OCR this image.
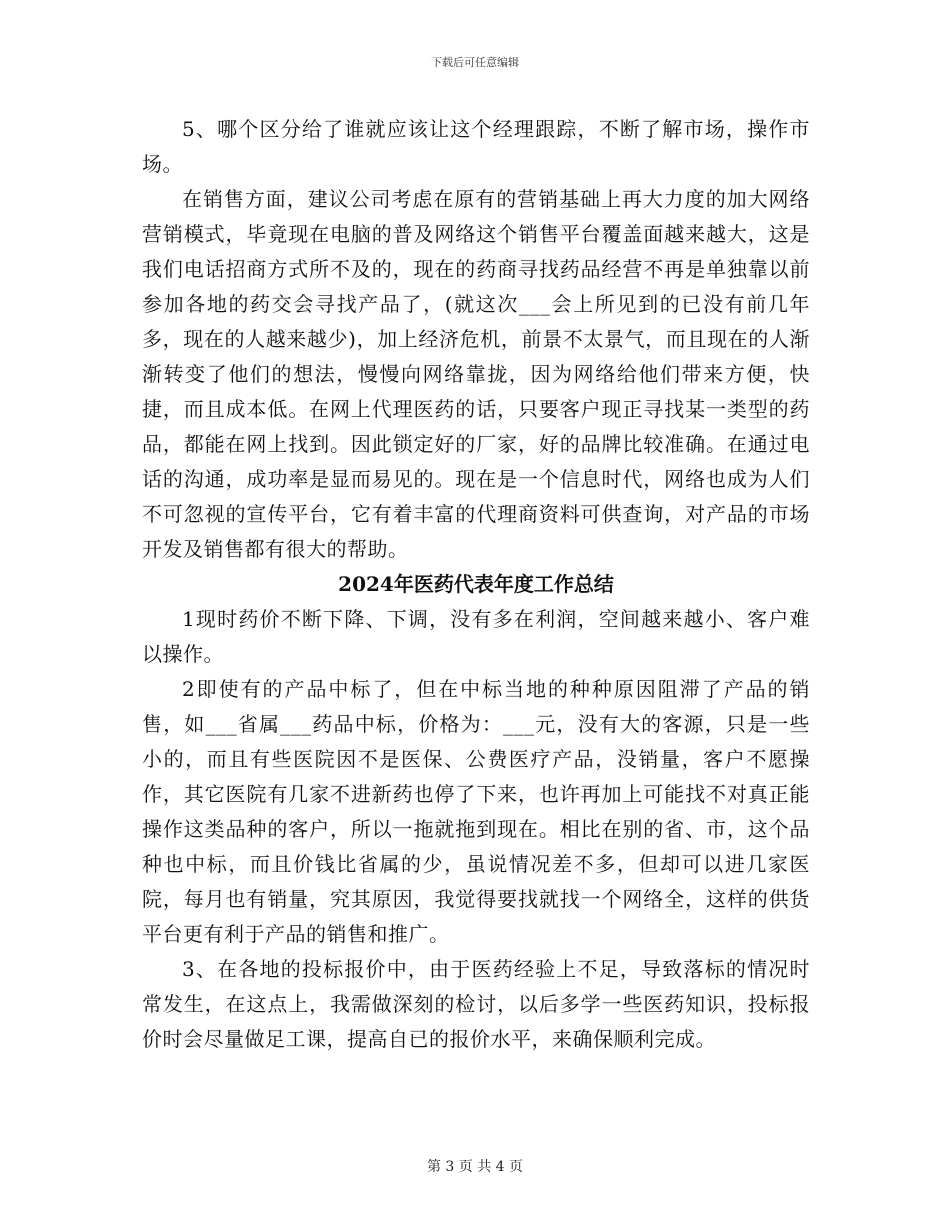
下载后可任意编辑

5、哪个区分给了谁就应该让这个经理跟踪，不断了解市场，操作市场。

在销售方面，建议公司考虑在原有的营销基础上再大力度的加大网络营销模式，毕竟现在电脑的普及网络这个销售平台覆盖面越来越大，这是我们电话招商方式所不及的，现在的药商寻找药品经营不再是单独靠以前参加各地的药交会寻找产品了，(就这次___会上所见到的已没有前几年多，现在的人越来越少)，加上经济危机，前景不太景气，而且现在的人渐渐转变了他们的想法，慢慢向网络靠拢，因为网络给他们带来方便，快捷，而且成本低。在网上代理医药的话，只要客户现正寻找某一类型的药品，都能在网上找到。因此锁定好的厂家，好的品牌比较准确。在通过电话的沟通，成功率是显而易见的。现在是一个信息时代，网络也成为人们不可忽视的宣传平台，它有着丰富的代理商资料可供查询，对产品的市场开发及销售都有很大的帮助。

2024年医药代表年度工作总结

1现时药价不断下降、下调，没有多在利润，空间越来越小、客户难以操作。

2即使有的产品中标了，但在中标当地的种种原因阻滞了产品的销售，如___省属___药品中标，价格为：___元，没有大的客源，只是一些小的，而且有些医院因不是医保、公费医疗产品，没销量，客户不愿操作，其它医院有几家不进新药也停了下来，也许再加上可能找不对真正能操作这类品种的客户，所以一拖就拖到现在。相比在别的省、市，这个品种也中标，而且价钱比省属的少，虽说情况差不多，但却可以进几家医院，每月也有销量，究其原因，我觉得要找就找一个网络全，这样的供货平台更有利于产品的销售和推广。

3、在各地的投标报价中，由于医药经验上不足，导致落标的情况时常发生，在这点上，我需做深刻的检讨，以后多学一些医药知识，投标报价时会尽量做足工课，提高自已的报价水平，来确保顺利完成。

第 3 页 共 4 页
